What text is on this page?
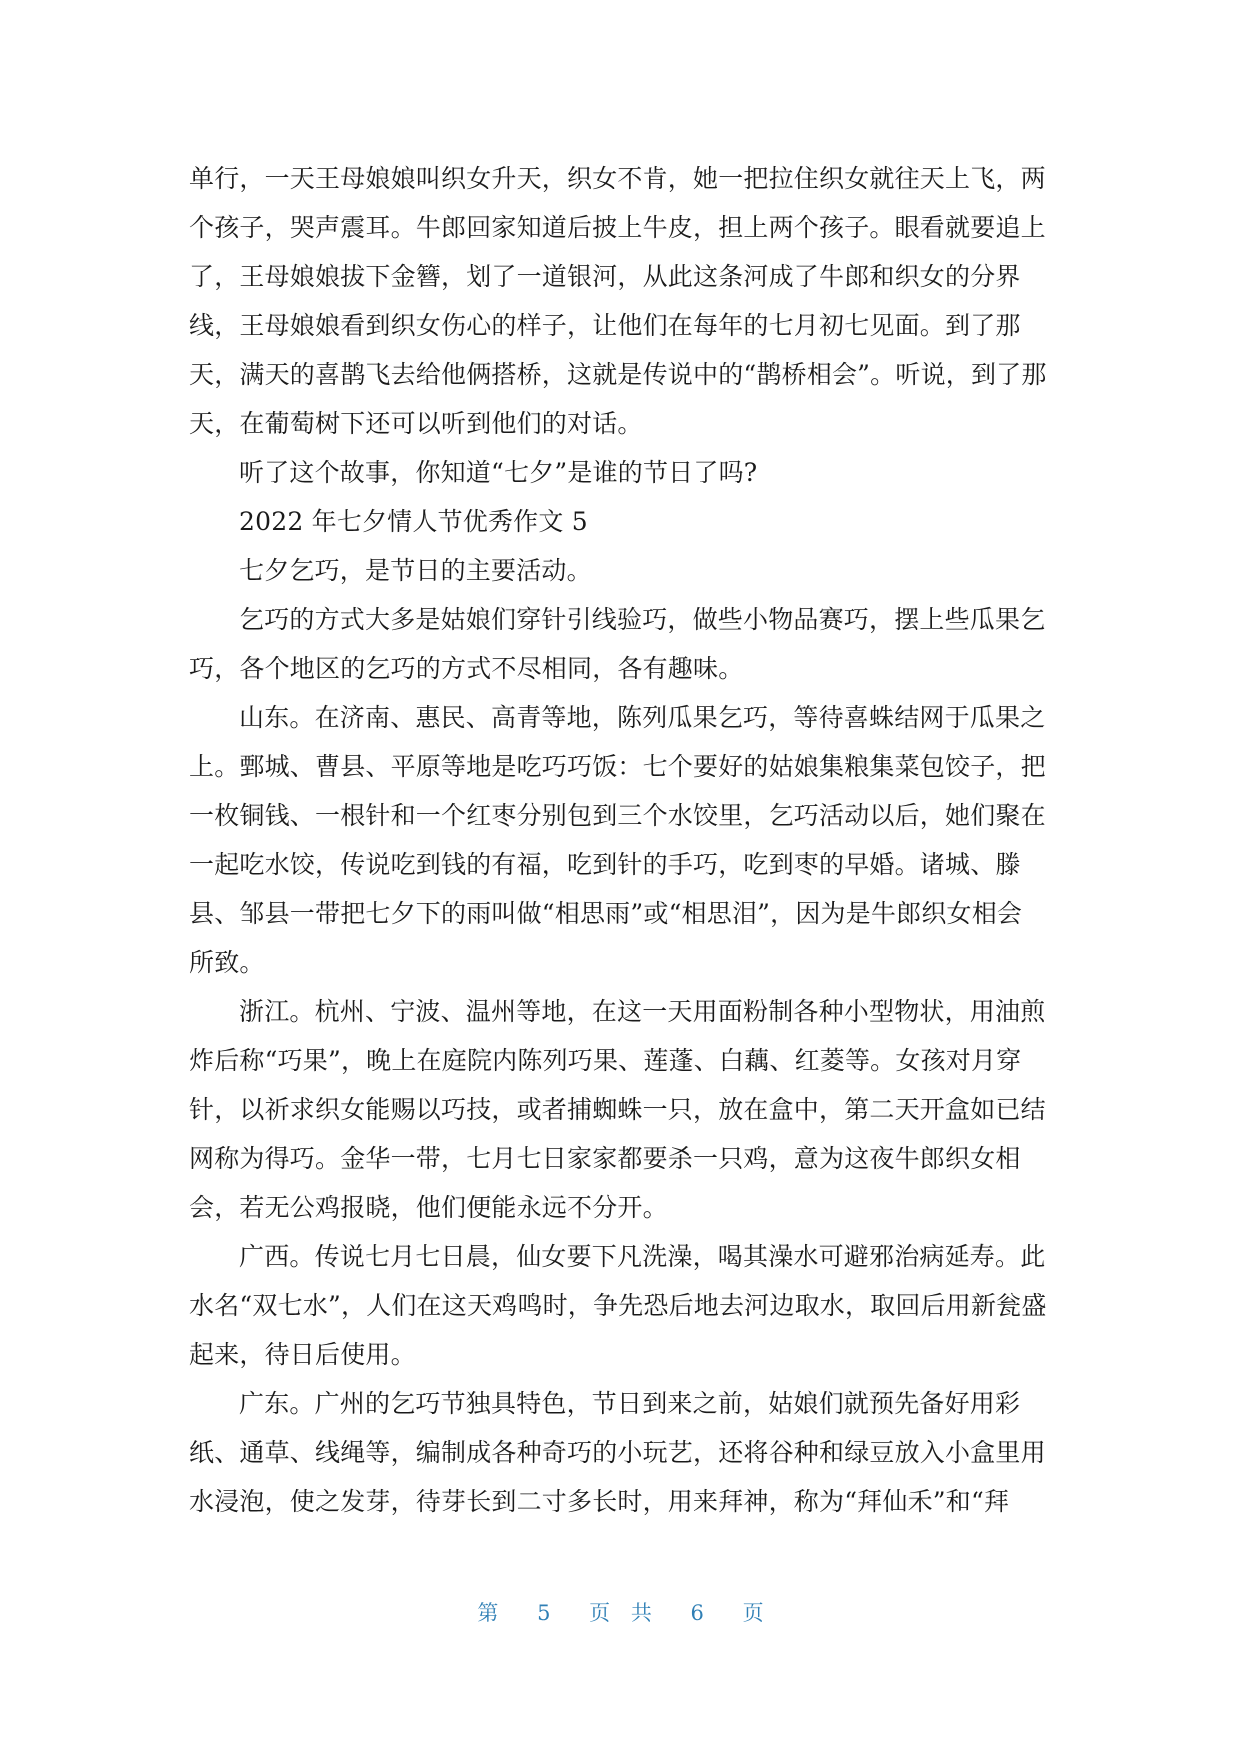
单行，一天王母娘娘叫织女升天，织女不肯，她一把拉住织女就往天上飞，两
个孩子，哭声震耳。牛郎回家知道后披上牛皮，担上两个孩子。眼看就要追上
了，王母娘娘拔下金簪，划了一道银河，从此这条河成了牛郎和织女的分界
线，王母娘娘看到织女伤心的样子，让他们在每年的七月初七见面。到了那
天，满天的喜鹊飞去给他俩搭桥，这就是传说中的“鹊桥相会”。听说，到了那
天，在葡萄树下还可以听到他们的对话。
听了这个故事，你知道“七夕”是谁的节日了吗?
2022 年七夕情人节优秀作文 5
七夕乞巧，是节日的主要活动。
乞巧的方式大多是姑娘们穿针引线验巧，做些小物品赛巧，摆上些瓜果乞
巧，各个地区的乞巧的方式不尽相同，各有趣味。
山东。在济南、惠民、高青等地，陈列瓜果乞巧，等待喜蛛结网于瓜果之
上。鄄城、曹县、平原等地是吃巧巧饭：七个要好的姑娘集粮集菜包饺子，把
一枚铜钱、一根针和一个红枣分别包到三个水饺里，乞巧活动以后，她们聚在
一起吃水饺，传说吃到钱的有福，吃到针的手巧，吃到枣的早婚。诸城、滕
县、邹县一带把七夕下的雨叫做“相思雨”或“相思泪”，因为是牛郎织女相会
所致。
浙江。杭州、宁波、温州等地，在这一天用面粉制各种小型物状，用油煎
炸后称“巧果”，晚上在庭院内陈列巧果、莲蓬、白藕、红菱等。女孩对月穿
针，以祈求织女能赐以巧技，或者捕蜘蛛一只，放在盒中，第二天开盒如已结
网称为得巧。金华一带，七月七日家家都要杀一只鸡，意为这夜牛郎织女相
会，若无公鸡报晓，他们便能永远不分开。
广西。传说七月七日晨，仙女要下凡洗澡，喝其澡水可避邪治病延寿。此
水名“双七水”，人们在这天鸡鸣时，争先恐后地去河边取水，取回后用新瓮盛
起来，待日后使用。
广东。广州的乞巧节独具特色，节日到来之前，姑娘们就预先备好用彩
纸、通草、线绳等，编制成各种奇巧的小玩艺，还将谷种和绿豆放入小盒里用
水浸泡，使之发芽，待芽长到二寸多长时，用来拜神，称为“拜仙禾”和“拜
第 5 页 共 6 页
